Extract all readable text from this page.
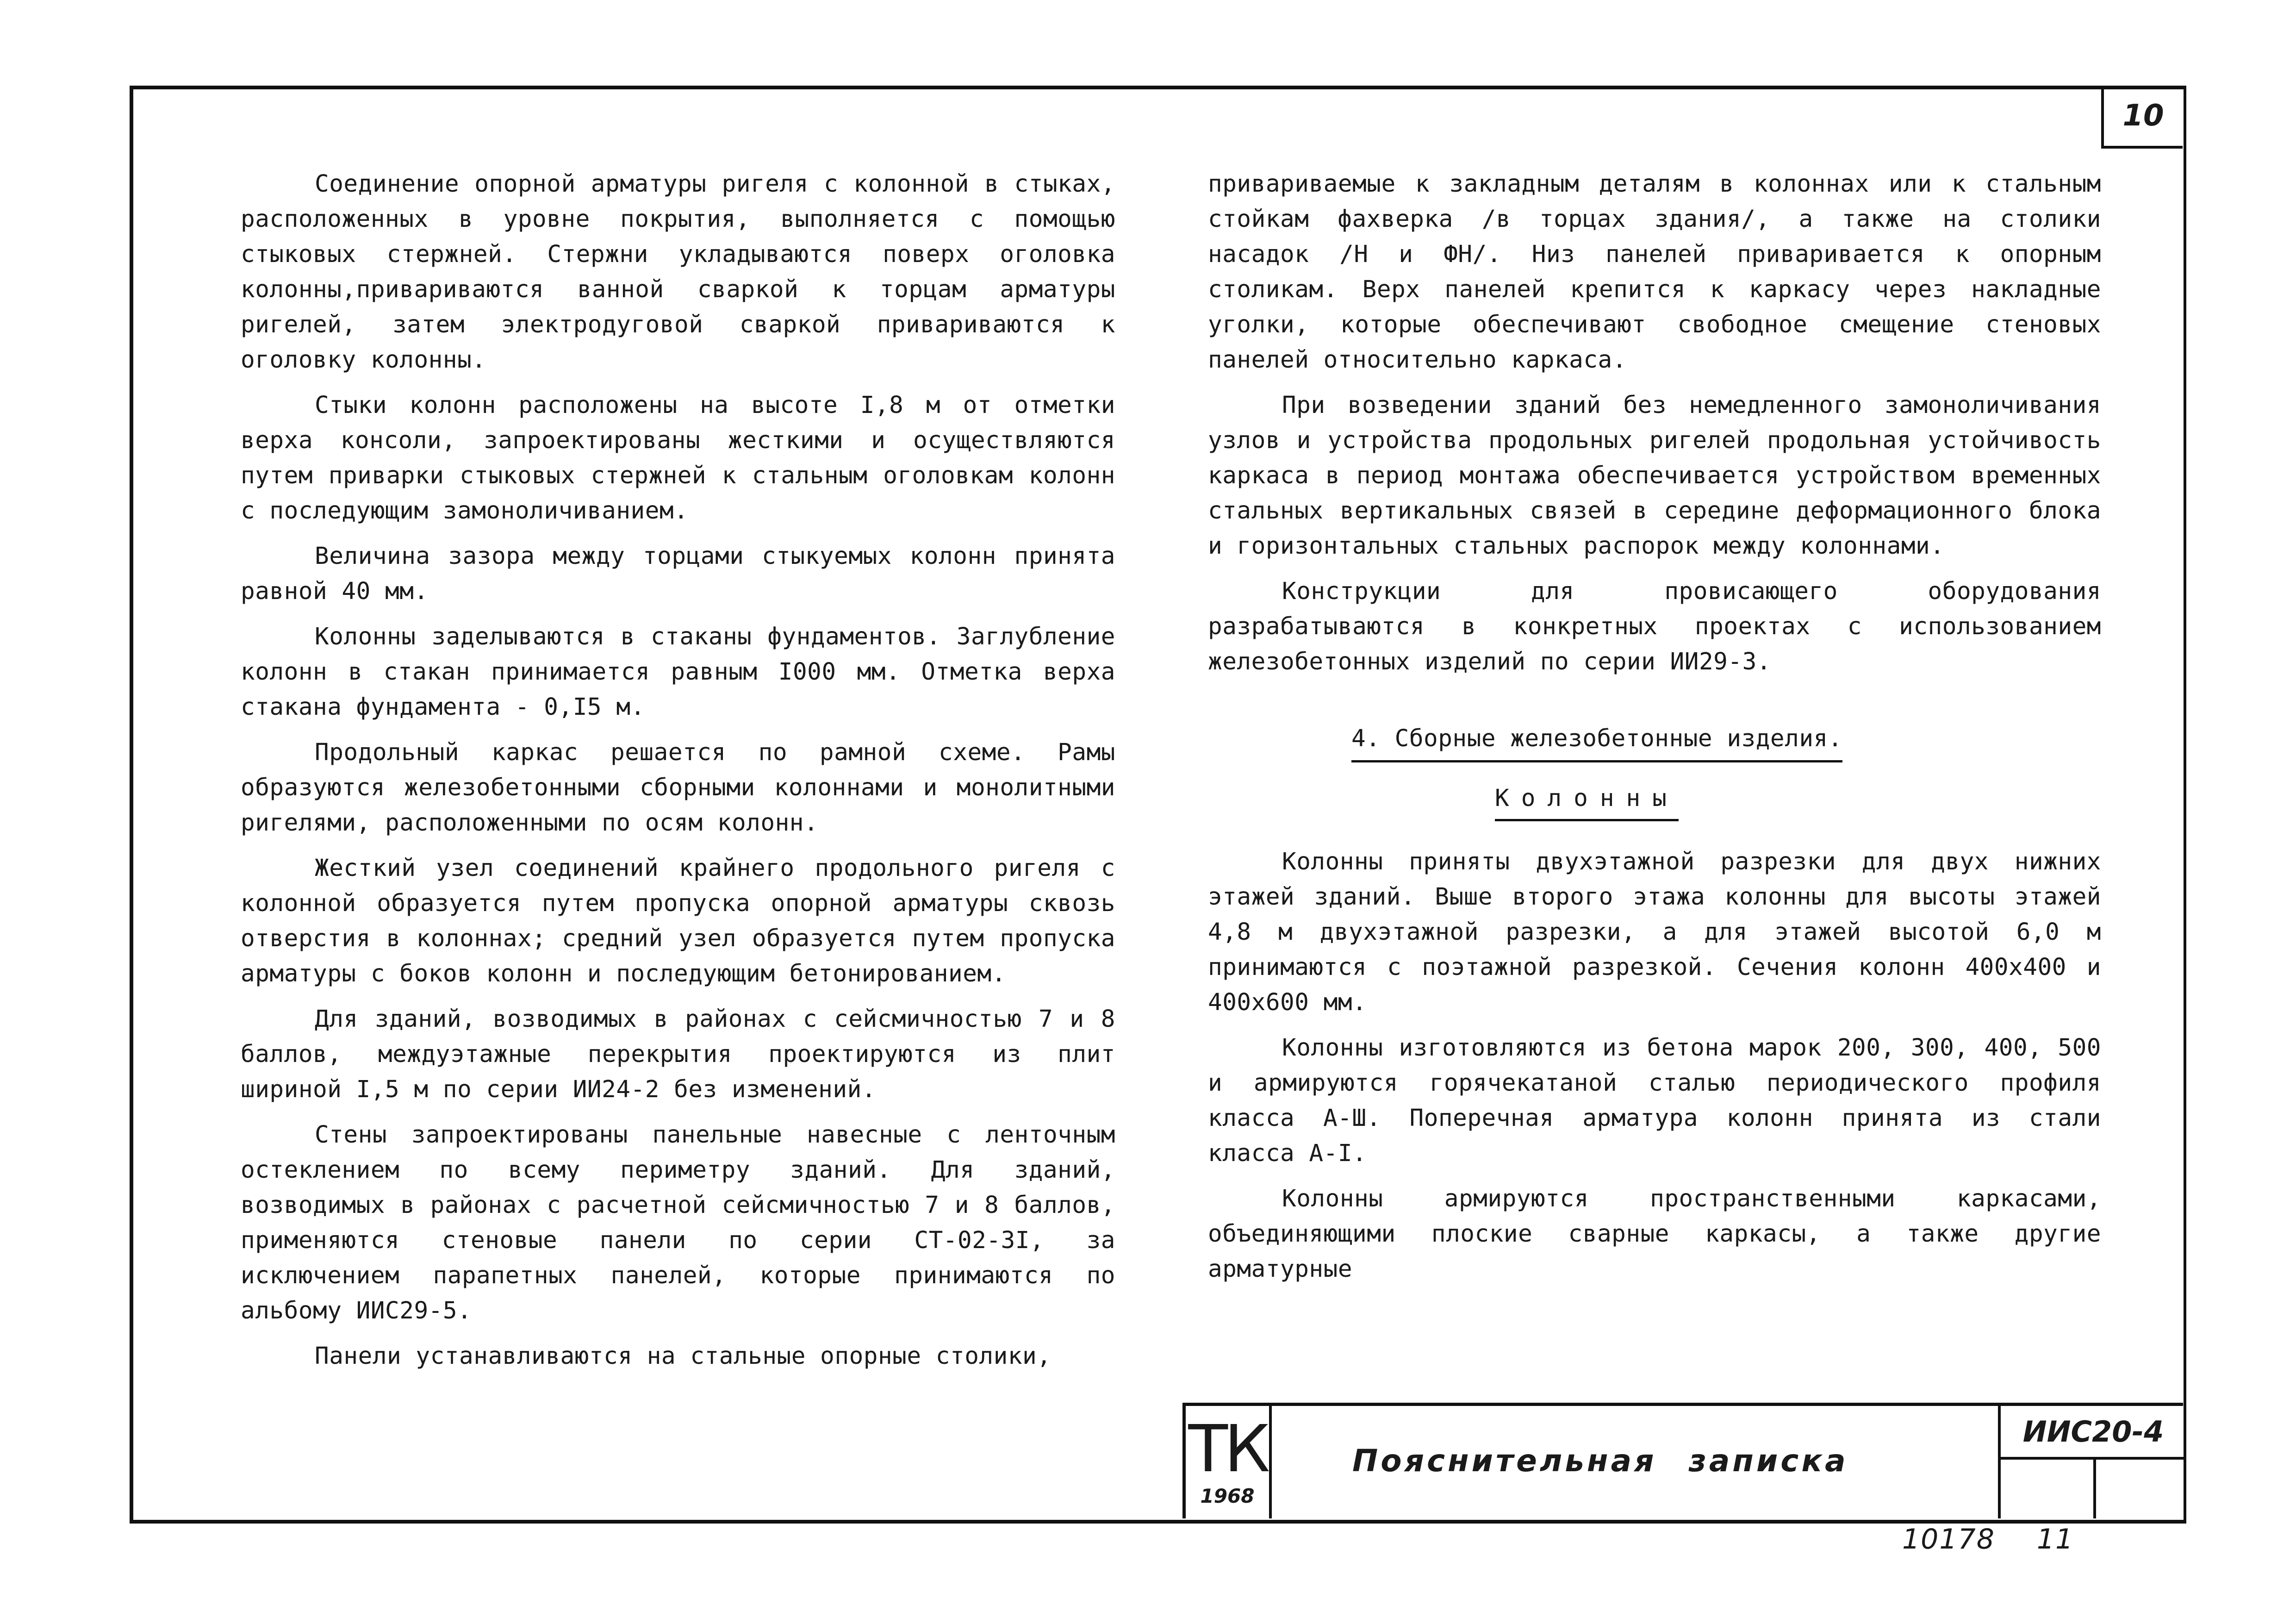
10

Соединение опорной арматуры ригеля с колонной в стыках, расположенных в уровне покрытия, выполняется с помощью стыковых стержней. Стержни укладываются поверх оголовка колонны,привариваются ванной сваркой к торцам арматуры ригелей, затем электродуговой сваркой привариваются к оголовку колонны.

Стыки колонн расположены на высоте I,8 м от отметки верха консоли, запроектированы жесткими и осуществляются путем приварки стыковых стержней к стальным оголовкам колонн с последующим замоноличиванием.

Величина зазора между торцами стыкуемых колонн принята равной 40 мм.

Колонны заделываются в стаканы фундаментов. Заглубление колонн в стакан принимается равным I000 мм. Отметка верха стакана фундамента - 0,I5 м.

Продольный каркас решается по рамной схеме. Рамы образуются железобетонными сборными колоннами и монолитными ригелями, расположенными по осям колонн.

Жесткий узел соединений крайнего продольного ригеля с колонной образуется путем пропуска опорной арматуры сквозь отверстия в колоннах; средний узел образуется путем пропуска арматуры с боков колонн и последующим бетонированием.

Для зданий, возводимых в районах с сейсмичностью 7 и 8 баллов, междуэтажные перекрытия проектируются из плит шириной I,5 м по серии ИИ24-2 без изменений.

Стены запроектированы панельные навесные с ленточным остеклением по всему периметру зданий. Для зданий, возводимых в районах с расчетной сейсмичностью 7 и 8 баллов, применяются стеновые панели по серии СТ-02-3I, за исключением парапетных панелей, которые принимаются по альбому ИИС29-5.

Панели устанавливаются на стальные опорные столики,

привариваемые к закладным деталям в колоннах или к стальным стойкам фахверка /в торцах здания/, а также на столики насадок /Н и ФН/. Низ панелей приваривается к опорным столикам. Верх панелей крепится к каркасу через накладные уголки, которые обеспечивают свободное смещение стеновых панелей относительно каркаса.

При возведении зданий без немедленного замоноличивания узлов и устройства продольных ригелей продольная устойчивость каркаса в период монтажа обеспечивается устройством временных стальных вертикальных связей в середине деформационного блока и горизонтальных стальных распорок между колоннами.

Конструкции для провисающего оборудования разрабатываются в конкретных проектах с использованием железобетонных изделий по серии ИИ29-3.

4. Сборные железобетонные изделия.
Колонны

Колонны приняты двухэтажной разрезки для двух нижних этажей зданий. Выше второго этажа колонны для высоты этажей 4,8 м двухэтажной разрезки, а для этажей высотой 6,0 м принимаются с поэтажной разрезкой. Сечения колонн 400х400 и 400х600 мм.

Колонны изготовляются из бетона марок 200, 300, 400, 500 и армируются горячекатаной сталью периодического профиля класса А-Ш. Поперечная арматура колонн принята из стали класса А-I.

Колонны армируются пространственными каркасами, объединяющими плоские сварные каркасы, а также другие арматурные

ТК
1968
Пояснительная записка
ИИС20-4
10178 11
